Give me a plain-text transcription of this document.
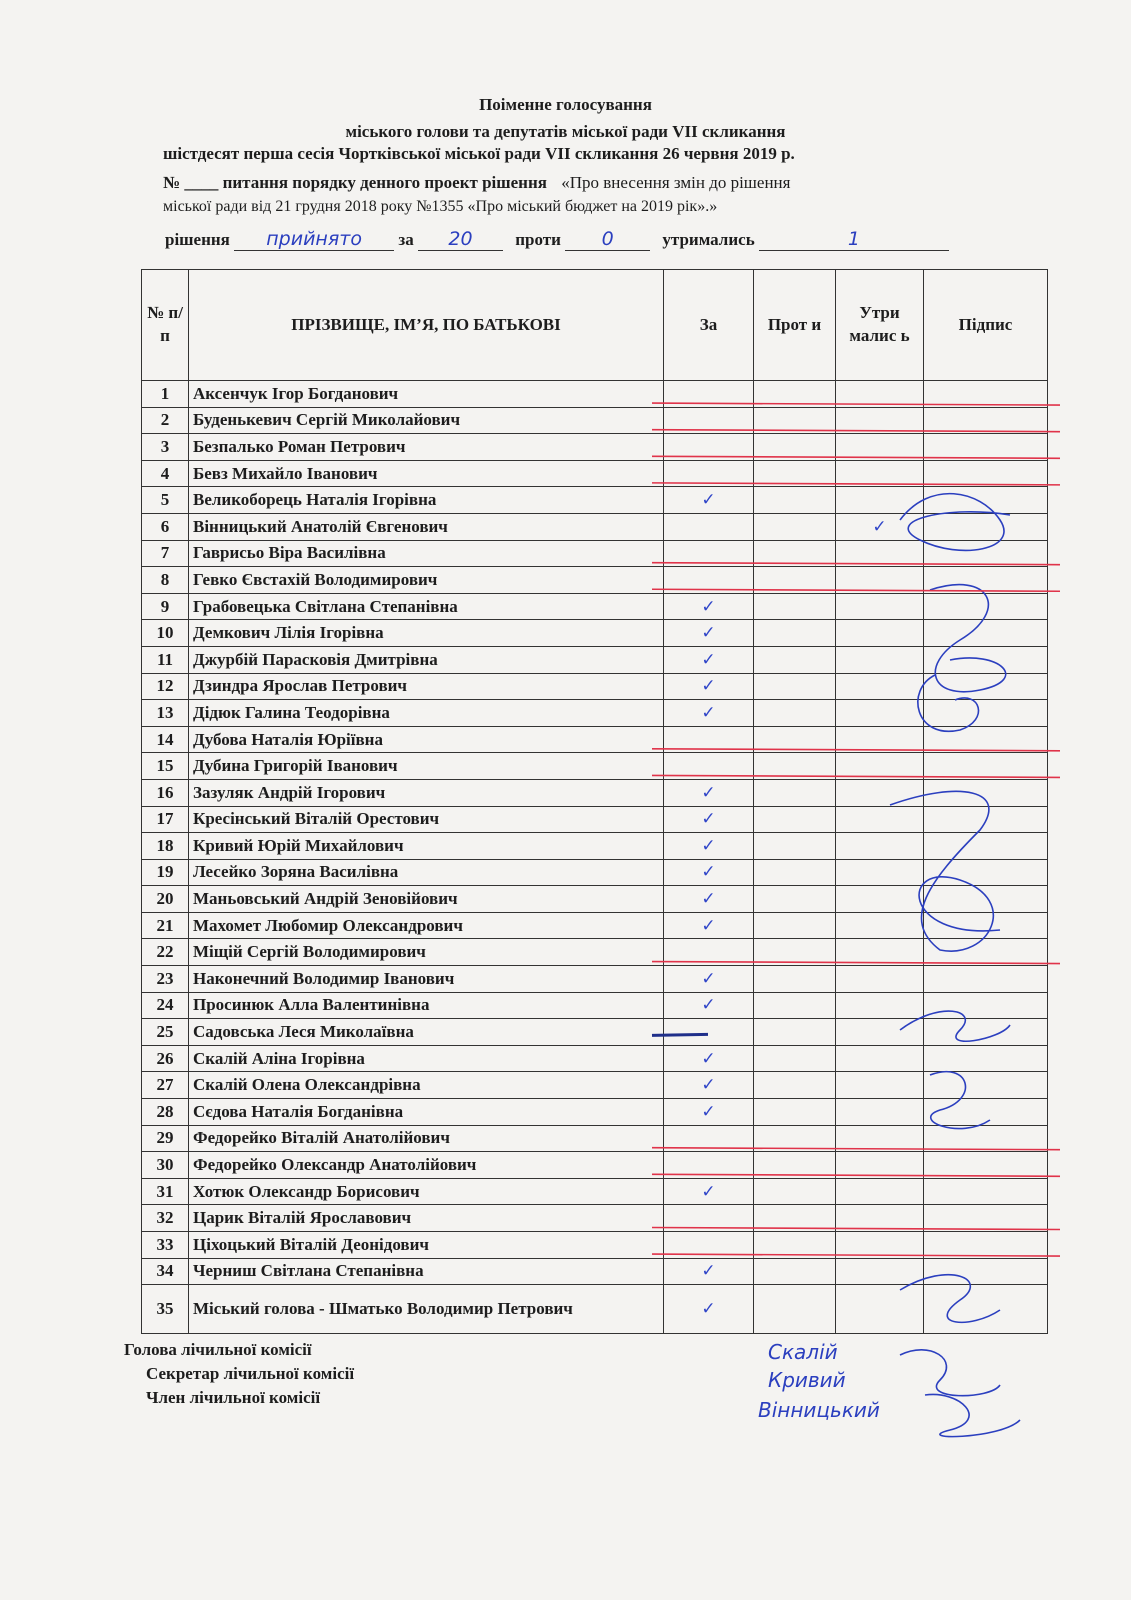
Поіменне голосування
міського голови та депутатів міської ради VII скликання
шістдесят перша сесія Чортківської міської ради VII скликання 26 червня 2019 р.
№ ____ питання порядку денного проект рішення «Про внесення змін до рішення
міської ради від 21 грудня 2018 року №1355 «Про міський бюджет на 2019 рік».»
рішення прийнято за 20	проти 0	утримались	1
№ п/п	ПРІЗВИЩЕ, ІМ’Я, ПО БАТЬКОВІ	За	Прот и	Утри малис ь	Підпис
1	Аксенчук Ігор Богданович				
2	Буденькевич Сергій Миколайович				
3	Безпалько Роман Петрович				
4	Бевз Михайло Іванович				
5	Великоборець Наталія Ігорівна	✓			
6	Вінницький Анатолій Євгенович			✓	
7	Гаврисьо Віра Василівна				
8	Гевко Євстахій Володимирович				
9	Грабовецька Світлана Степанівна	✓			
10	Демкович Лілія Ігорівна	✓			
11	Джурбій Парасковія Дмитрівна	✓			
12	Дзиндра Ярослав Петрович	✓			
13	Дідюк Галина Теодорівна	✓			
14	Дубова Наталія Юріївна				
15	Дубина Григорій Іванович				
16	Зазуляк Андрій Ігорович	✓			
17	Кресінський Віталій Орестович	✓			
18	Кривий Юрій Михайлович	✓			
19	Лесейко Зоряна Василівна	✓			
20	Маньовський Андрій Зеновійович	✓			
21	Махомет Любомир Олександрович	✓			
22	Міщій Сергій Володимирович				
23	Наконечний Володимир Іванович	✓			
24	Просинюк Алла Валентинівна	✓			
25	Садовська Леся Миколаївна				
26	Скалій Аліна Ігорівна	✓			
27	Скалій Олена Олександрівна	✓			
28	Сєдова Наталія Богданівна	✓			
29	Федорейко Віталій Анатолійович				
30	Федорейко Олександр Анатолійович				
31	Хотюк Олександр Борисович	✓			
32	Царик Віталій Ярославович				
33	Ціхоцький Віталій Деонідович				
34	Черниш Світлана Степанівна	✓			
35	Міський голова - Шматько Володимир Петрович	✓			
Голова лічильної комісії
Секретар лічильної комісії
Член лічильної комісії
Скалій
Кривий
Вінницький
